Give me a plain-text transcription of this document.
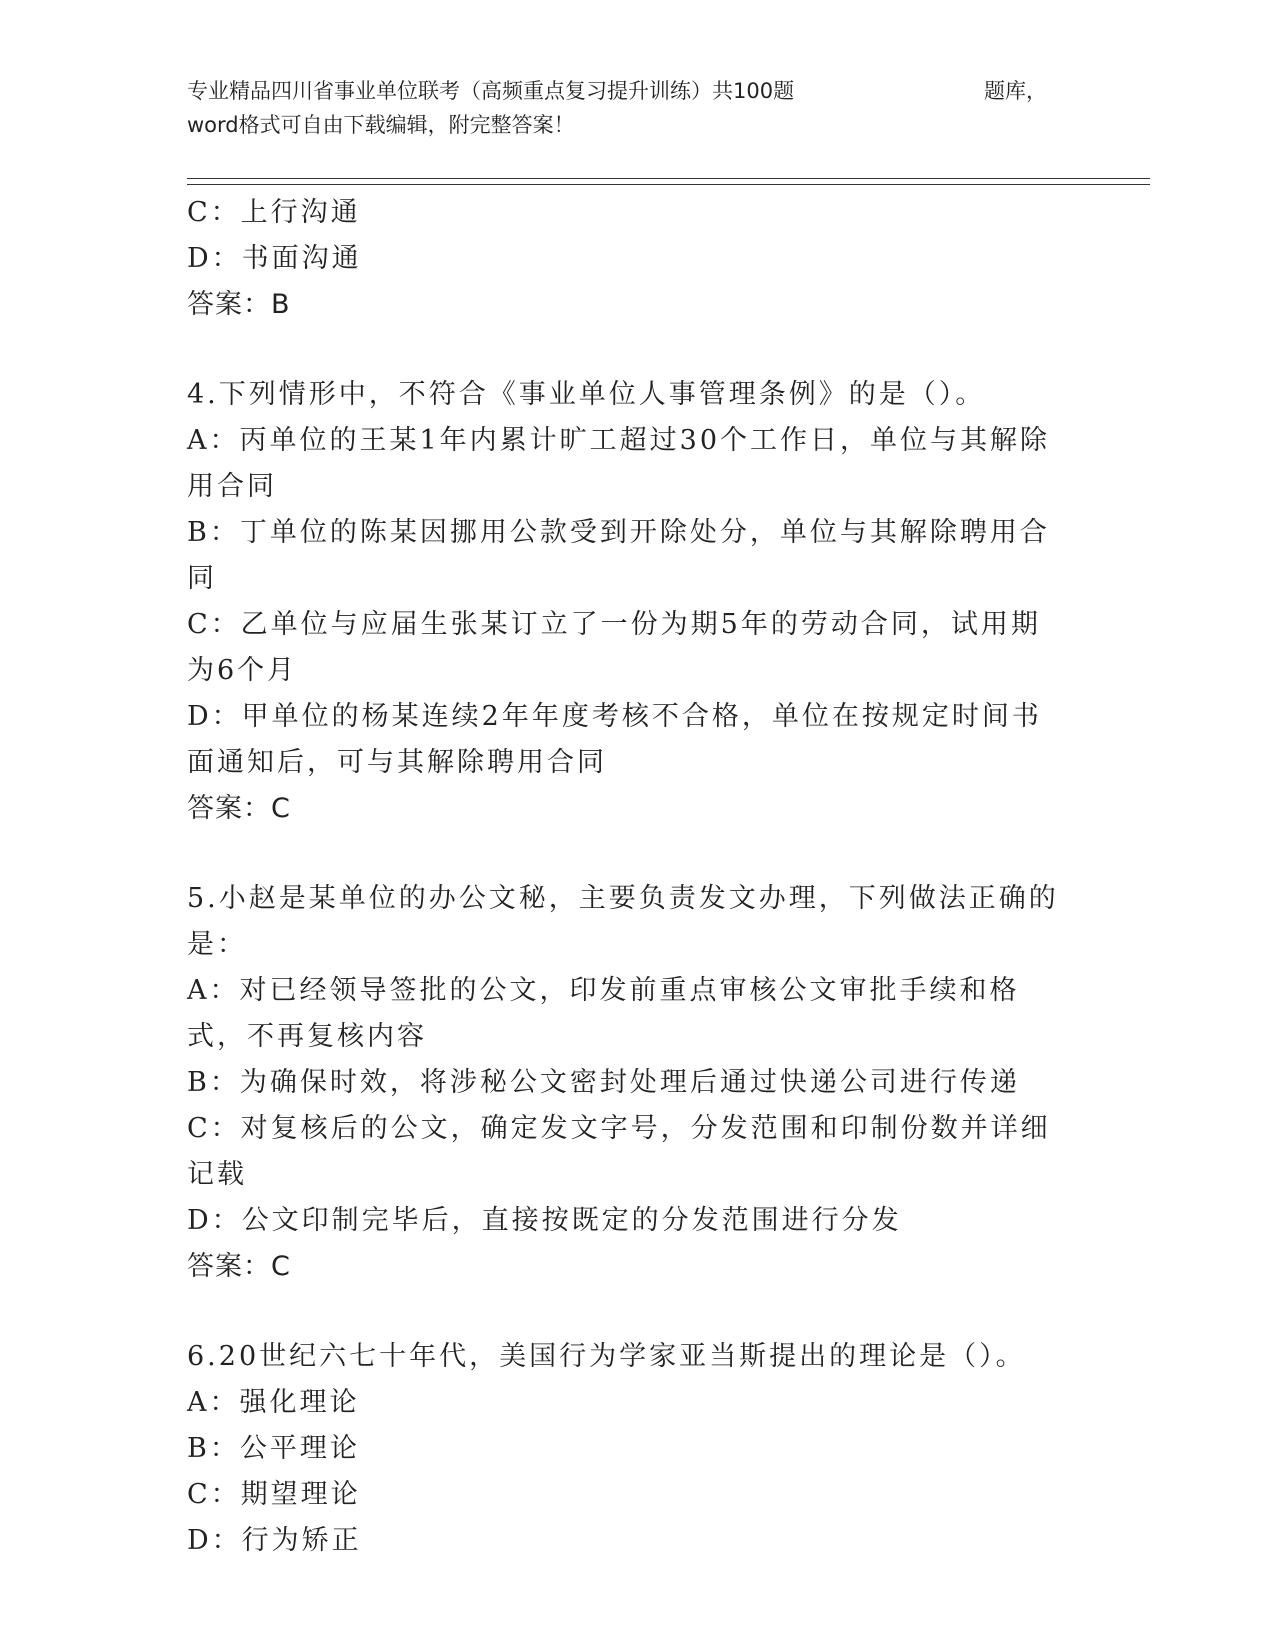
专业精品四川省事业单位联考（高频重点复习提升训练）共100题	题库，
word格式可自由下载编辑，附完整答案！
C：上行沟通
D：书面沟通
答案：B
4.下列情形中，不符合《事业单位人事管理条例》的是（）。
A：丙单位的王某1年内累计旷工超过30个工作日，单位与其解除用合同
B：丁单位的陈某因挪用公款受到开除处分，单位与其解除聘用合同
C：乙单位与应届生张某订立了一份为期5年的劳动合同，试用期为6个月
D：甲单位的杨某连续2年年度考核不合格，单位在按规定时间书面通知后，可与其解除聘用合同
答案：C
5.小赵是某单位的办公文秘，主要负责发文办理，下列做法正确的是：
A：对已经领导签批的公文，印发前重点审核公文审批手续和格式，不再复核内容
B：为确保时效，将涉秘公文密封处理后通过快递公司进行传递
C：对复核后的公文，确定发文字号，分发范围和印制份数并详细记载
D：公文印制完毕后，直接按既定的分发范围进行分发
答案：C
6.20世纪六七十年代，美国行为学家亚当斯提出的理论是（）。
A：强化理论
B：公平理论
C：期望理论
D：行为矫正
